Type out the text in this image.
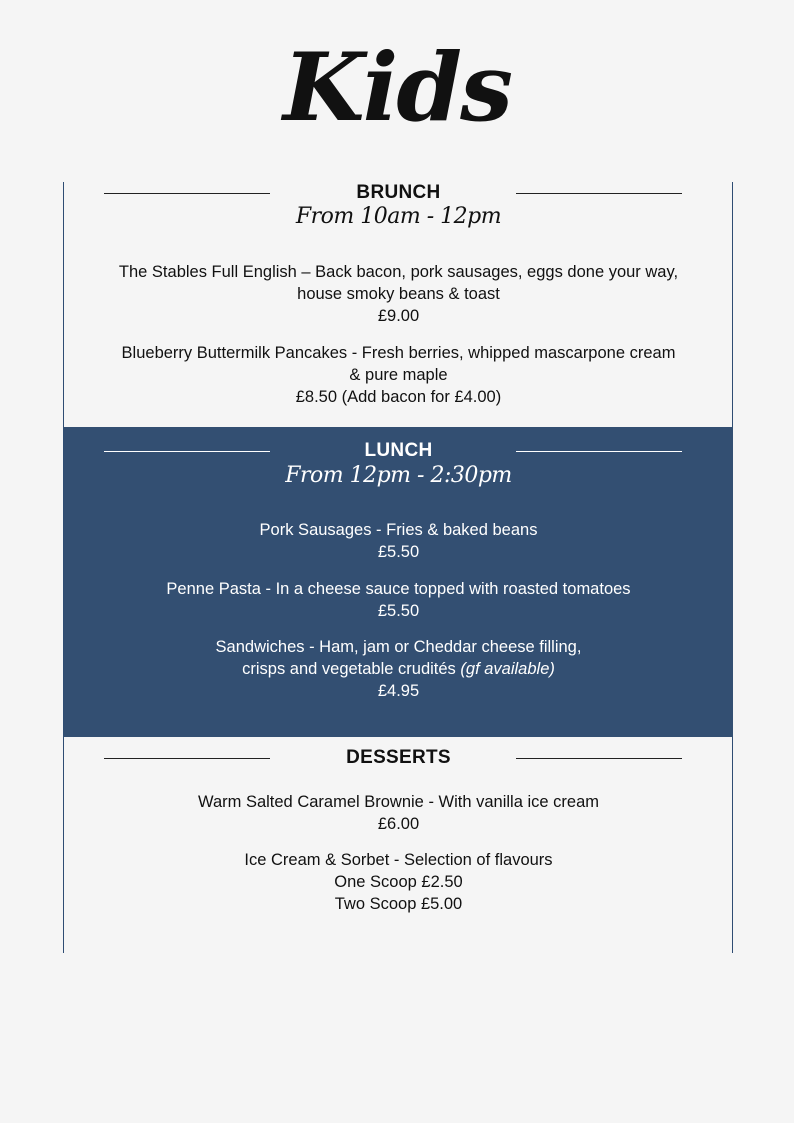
Kids
BRUNCH
From 10am - 12pm
The Stables Full English – Back bacon, pork sausages, eggs done your way,
house smoky beans & toast
£9.00
Blueberry Buttermilk Pancakes - Fresh berries, whipped mascarpone cream
& pure maple
£8.50 (Add bacon for £4.00)
LUNCH
From 12pm - 2:30pm
Pork Sausages - Fries & baked beans
£5.50
Penne Pasta - In a cheese sauce topped with roasted tomatoes
£5.50
Sandwiches - Ham, jam or Cheddar cheese filling,
crisps and vegetable crudités (gf available)
£4.95
DESSERTS
Warm Salted Caramel Brownie - With vanilla ice cream
£6.00
Ice Cream & Sorbet - Selection of flavours
One Scoop £2.50
Two Scoop £5.00
